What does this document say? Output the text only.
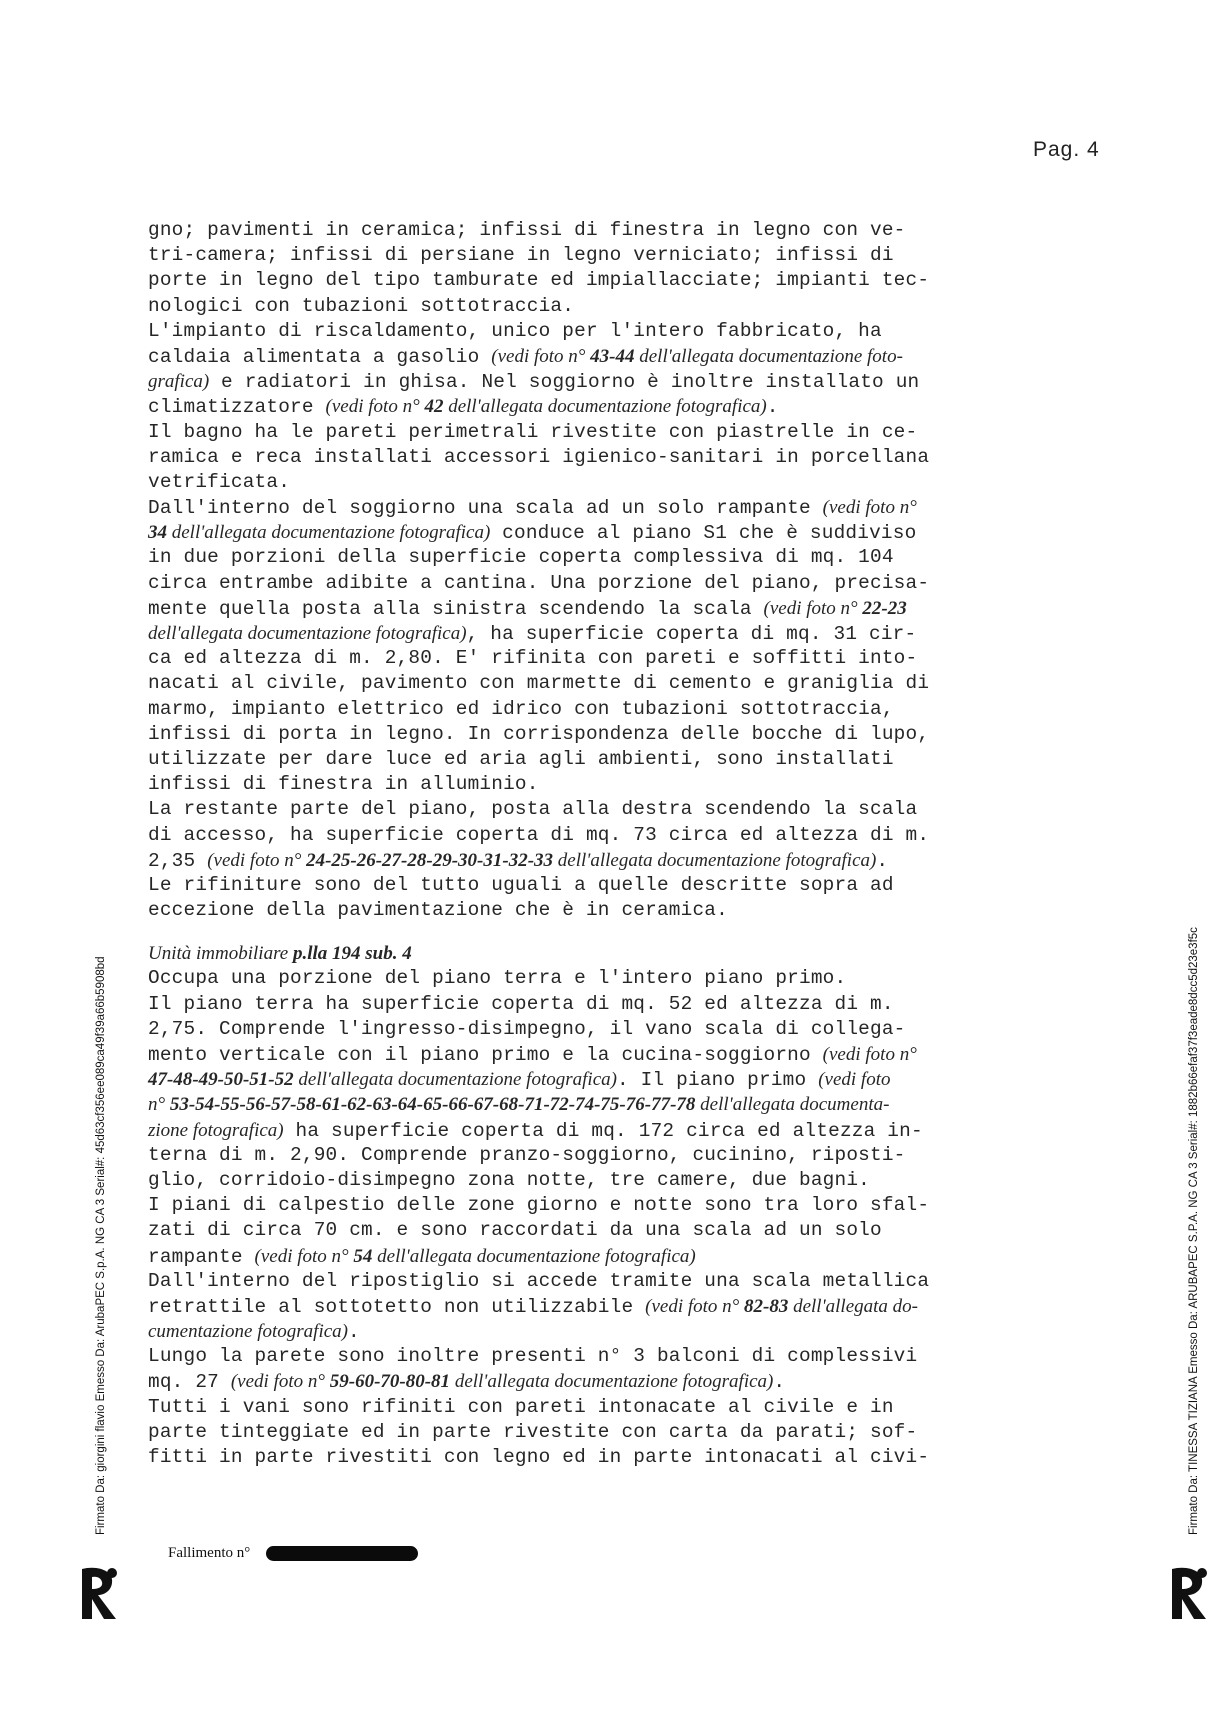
Pag. 4
gno; pavimenti in ceramica; infissi di finestra in legno con ve-
tri-camera; infissi di persiane in legno verniciato; infissi di
porte in legno del tipo tamburate ed impiallacciate; impianti tec-
nologici con tubazioni sottotraccia.
L'impianto di riscaldamento, unico per l'intero fabbricato, ha
caldaia alimentata a gasolio (vedi foto n° 43-44 dell'allegata documentazione foto-
grafica) e radiatori in ghisa. Nel soggiorno è inoltre installato un
climatizzatore (vedi foto n° 42 dell'allegata documentazione fotografica).
Il bagno ha le pareti perimetrali rivestite con piastrelle in ce-
ramica e reca installati accessori igienico-sanitari in porcellana
vetrificata.
Dall'interno del soggiorno una scala ad un solo rampante (vedi foto n°
34 dell'allegata documentazione fotografica) conduce al piano S1 che è suddiviso
in due porzioni della superficie coperta complessiva di mq. 104
circa entrambe adibite a cantina. Una porzione del piano, precisa-
mente quella posta alla sinistra scendendo la scala (vedi foto n° 22-23
dell'allegata documentazione fotografica), ha superficie coperta di mq. 31 cir-
ca ed altezza di m. 2,80. E' rifinita con pareti e soffitti into-
nacati al civile, pavimento con marmette di cemento e graniglia di
marmo, impianto elettrico ed idrico con tubazioni sottotraccia,
infissi di porta in legno. In corrispondenza delle bocche di lupo,
utilizzate per dare luce ed aria agli ambienti, sono installati
infissi di finestra in alluminio.
La restante parte del piano, posta alla destra scendendo la scala
di accesso, ha superficie coperta di mq. 73 circa ed altezza di m.
2,35 (vedi foto n° 24-25-26-27-28-29-30-31-32-33 dell'allegata documentazione fotografica).
Le rifiniture sono del tutto uguali a quelle descritte sopra ad
eccezione della pavimentazione che è in ceramica.
Unità immobiliare p.lla 194 sub. 4
Occupa una porzione del piano terra e l'intero piano primo.
Il piano terra ha superficie coperta di mq. 52 ed altezza di m.
2,75. Comprende l'ingresso-disimpegno, il vano scala di collega-
mento verticale con il piano primo e la cucina-soggiorno (vedi foto n°
47-48-49-50-51-52 dell'allegata documentazione fotografica). Il piano primo (vedi foto
n° 53-54-55-56-57-58-61-62-63-64-65-66-67-68-71-72-74-75-76-77-78 dell'allegata documenta-
zione fotografica) ha superficie coperta di mq. 172 circa ed altezza in-
terna di m. 2,90. Comprende pranzo-soggiorno, cucinino, riposti-
glio, corridoio-disimpegno zona notte, tre camere, due bagni.
I piani di calpestio delle zone giorno e notte sono tra loro sfal-
zati di circa 70 cm. e sono raccordati da una scala ad un solo
rampante (vedi foto n° 54 dell'allegata documentazione fotografica)
Dall'interno del ripostiglio si accede tramite una scala metallica
retrattile al sottotetto non utilizzabile (vedi foto n° 82-83 dell'allegata do-
cumentazione fotografica).
Lungo la parete sono inoltre presenti n° 3 balconi di complessivi
mq. 27 (vedi foto n° 59-60-70-80-81 dell'allegata documentazione fotografica).
Tutti i vani sono rifiniti con pareti intonacate al civile e in
parte tinteggiate ed in parte rivestite con carta da parati; sof-
fitti in parte rivestiti con legno ed in parte intonacati al civi-
Firmato Da: giorgini flavio Emesso Da: ArubaPEC S.p.A. NG CA 3 Serial#: 45d63cf356ee089ca49f39a66b5908bd	Firmato Da: TINESSA TIZIANA Emesso Da: ARUBAPEC S.P.A. NG CA 3 Serial#: 1882b66efaf37f3eade8dcc5d23e3f5c
Fallimento n°
